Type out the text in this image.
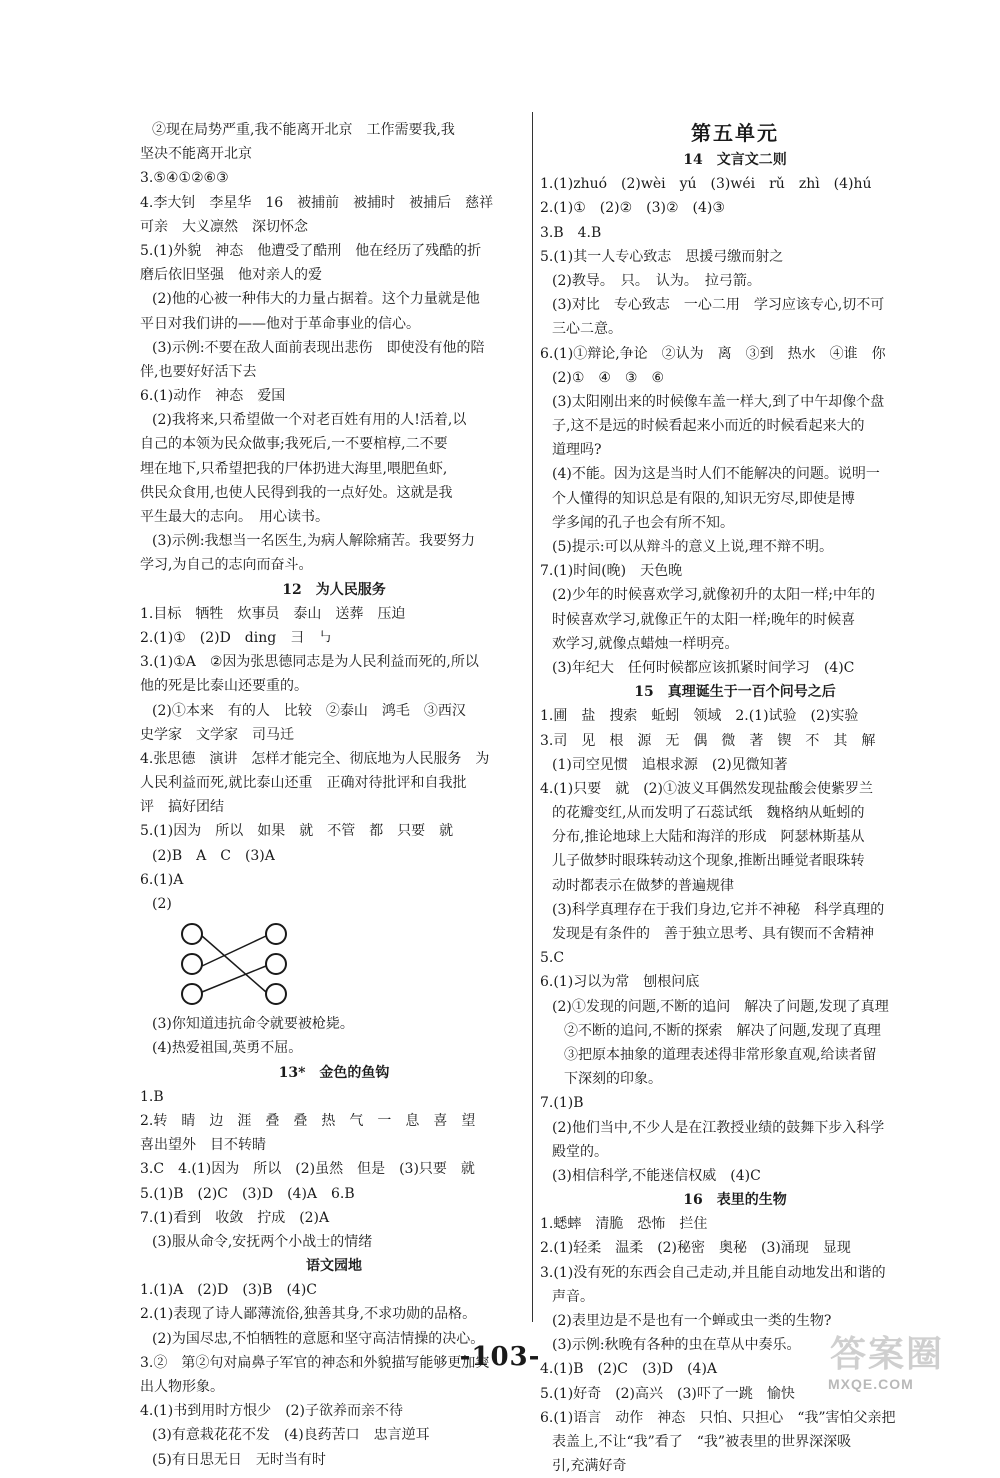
②现在局势严重,我不能离开北京　工作需要我,我
坚决不能离开北京
3.⑤④①②⑥③
4.李大钊　李星华　16　被捕前　被捕时　被捕后　慈祥
可亲　大义凛然　深切怀念
5.(1)外貌　神态　他遭受了酷刑　他在经历了残酷的折
磨后依旧坚强　他对亲人的爱
(2)他的心被一种伟大的力量占据着。这个力量就是他
平日对我们讲的——他对于革命事业的信心。
(3)示例:不要在敌人面前表现出悲伤　即使没有他的陪
伴,也要好好活下去
6.(1)动作　神态　爱国
(2)我将来,只希望做一个对老百姓有用的人!活着,以
自己的本领为民众做事;我死后,一不要棺椁,二不要
埋在地下,只希望把我的尸体扔进大海里,喂肥鱼虾,
供民众食用,也使人民得到我的一点好处。这就是我
平生最大的志向。　用心读书。
(3)示例:我想当一名医生,为病人解除痛苦。我要努力
学习,为自己的志向而奋斗。
12　为人民服务
1.目标　牺牲　炊事员　泰山　送葬　压迫
2.(1)①　(2)D　ding　彐　㇉
3.(1)①A　②因为张思德同志是为人民利益而死的,所以
他的死是比泰山还要重的。
(2)①本来　有的人　比较　②泰山　鸿毛　③西汉
史学家　文学家　司马迁
4.张思德　演讲　怎样才能完全、彻底地为人民服务　为
人民利益而死,就比泰山还重　正确对待批评和自我批
评　搞好团结
5.(1)因为　所以　如果　就　不管　都　只要　就
(2)B　A　C　(3)A
6.(1)A
(2)
(3)你知道违抗命令就要被枪毙。
(4)热爱祖国,英勇不屈。
13*　金色的鱼钩
1.B
2.转　睛　边　涯　叠　叠　热　气　一　息　喜　望
喜出望外　目不转睛
3.C　4.(1)因为　所以　(2)虽然　但是　(3)只要　就
5.(1)B　(2)C　(3)D　(4)A　6.B
7.(1)看到　收敛　拧成　(2)A
(3)服从命令,安抚两个小战士的情绪
语文园地
1.(1)A　(2)D　(3)B　(4)C
2.(1)表现了诗人鄙薄流俗,独善其身,不求功勋的品格。
(2)为国尽忠,不怕牺牲的意愿和坚守高洁情操的决心。
3.②　第②句对扁鼻子军官的神态和外貌描写能够更加突
出人物形象。
4.(1)书到用时方恨少　(2)子欲养而亲不待
(3)有意栽花花不发　(4)良药苦口　忠言逆耳
(5)有日思无日　无时当有时
第五单元
14　文言文二则
1.(1)zhuó　(2)wèi　yú　(3)wéi　rǔ　zhì　(4)hú
2.(1)①　(2)②　(3)②　(4)③
3.B　4.B
5.(1)其一人专心致志　思援弓缴而射之
(2)教导。　只。　认为。　拉弓箭。
(3)对比　专心致志　一心二用　学习应该专心,切不可
三心二意。
6.(1)①辩论,争论　②认为　离　③到　热水　④谁　你
(2)①　④　③　⑥
(3)太阳刚出来的时候像车盖一样大,到了中午却像个盘
子,这不是远的时候看起来小而近的时候看起来大的
道理吗?
(4)不能。因为这是当时人们不能解决的问题。说明一
个人懂得的知识总是有限的,知识无穷尽,即使是博
学多闻的孔子也会有所不知。
(5)提示:可以从辩斗的意义上说,理不辩不明。
7.(1)时间(晚)　天色晚
(2)少年的时候喜欢学习,就像初升的太阳一样;中年的
时候喜欢学习,就像正午的太阳一样;晚年的时候喜
欢学习,就像点蜡烛一样明亮。
(3)年纪大　任何时候都应该抓紧时间学习　(4)C
15　真理诞生于一百个问号之后
1.圃　盐　搜索　蚯蚓　领域　2.(1)试验　(2)实验
3.司　见　根　源　无　偶　微　著　锲　不　其　解
(1)司空见惯　追根求源　(2)见微知著
4.(1)只要　就　(2)①波义耳偶然发现盐酸会使紫罗兰
的花瓣变红,从而发明了石蕊试纸　魏格纳从蚯蚓的
分布,推论地球上大陆和海洋的形成　阿瑟林斯基从
儿子做梦时眼珠转动这个现象,推断出睡觉者眼珠转
动时都表示在做梦的普遍规律
(3)科学真理存在于我们身边,它并不神秘　科学真理的
发现是有条件的　善于独立思考、具有锲而不舍精神
5.C
6.(1)习以为常　刨根问底
(2)①发现的问题,不断的追问　解决了问题,发现了真理
②不断的追问,不断的探索　解决了问题,发现了真理
③把原本抽象的道理表述得非常形象直观,给读者留
下深刻的印象。
7.(1)B
(2)他们当中,不少人是在江教授业绩的鼓舞下步入科学
殿堂的。
(3)相信科学,不能迷信权威　(4)C
16　表里的生物
1.蟋蟀　清脆　恐怖　拦住
2.(1)轻柔　温柔　(2)秘密　奥秘　(3)涌现　显现
3.(1)没有死的东西会自己走动,并且能自动地发出和谐的
声音。
(2)表里边是不是也有一个蝉或虫一类的生物?
(3)示例:秋晚有各种的虫在草从中奏乐。
4.(1)B　(2)C　(3)D　(4)A
5.(1)好奇　(2)高兴　(3)吓了一跳　愉快
6.(1)语言　动作　神态　只怕、只担心　“我”害怕父亲把
表盖上,不让“我”看了　“我”被表里的世界深深吸
引,充满好奇
-103-	答案圈
MXQE.COM
